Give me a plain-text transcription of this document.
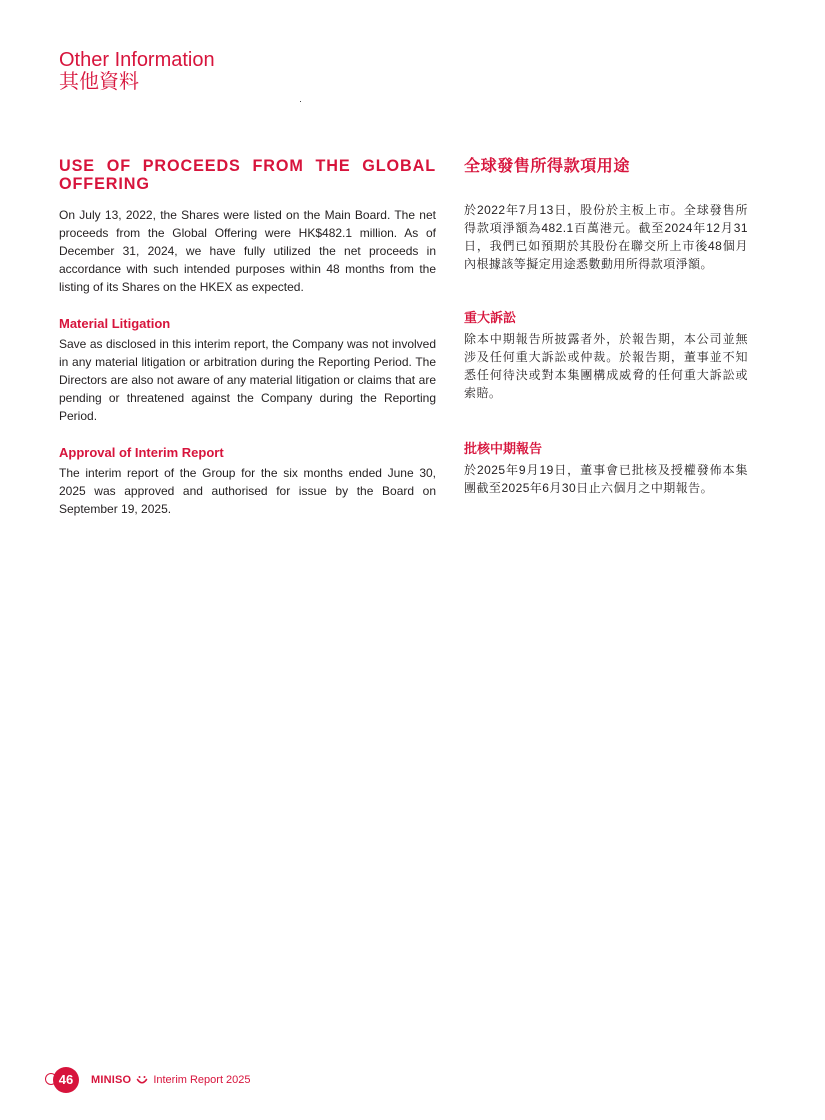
Other Information
其他資料
USE OF PROCEEDS FROM THE GLOBAL OFFERING

On July 13, 2022, the Shares were listed on the Main Board. The net proceeds from the Global Offering were HK$482.1 million. As of December 31, 2024, we have fully utilized the net proceeds in accordance with such intended purposes within 48 months from the listing of its Shares on the HKEX as expected.

Material Litigation

Save as disclosed in this interim report, the Company was not involved in any material litigation or arbitration during the Reporting Period. The Directors are also not aware of any material litigation or claims that are pending or threatened against the Company during the Reporting Period.

Approval of Interim Report

The interim report of the Group for the six months ended June 30, 2025 was approved and authorised for issue by the Board on September 19, 2025.

全球發售所得款項用途

於2022年7月13日，股份於主板上市。全球發售所得款項淨額為482.1百萬港元。截至2024年12月31日，我們已如預期於其股份在聯交所上市後48個月內根據該等擬定用途悉數動用所得款項淨額。

重大訴訟

除本中期報告所披露者外，於報告期，本公司並無涉及任何重大訴訟或仲裁。於報告期，董事並不知悉任何待決或對本集團構成威脅的任何重大訴訟或索賠。

批核中期報告

於2025年9月19日，董事會已批核及授權發佈本集團截至2025年6月30日止六個月之中期報告。

46	MINISO Interim Report 2025
